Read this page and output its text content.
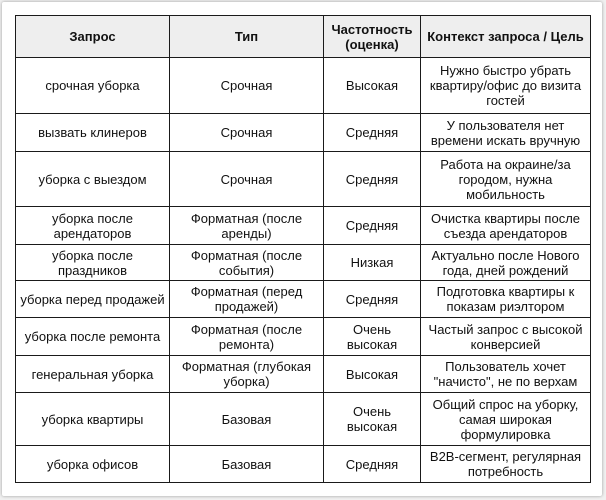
Запрос	Тип	Частотность (оценка)	Контекст запроса / Цель
срочная уборка	Срочная	Высокая	Нужно быстро убрать квартиру/офис до визита гостей
вызвать клинеров	Срочная	Средняя	У пользователя нет времени искать вручную
уборка с выездом	Срочная	Средняя	Работа на окраине/за городом, нужна мобильность
уборка после арендаторов	Форматная (после аренды)	Средняя	Очистка квартиры после съезда арендаторов
уборка после праздников	Форматная (после события)	Низкая	Актуально после Нового года, дней рождений
уборка перед продажей	Форматная (перед продажей)	Средняя	Подготовка квартиры к показам риэлтором
уборка после ремонта	Форматная (после ремонта)	Очень высокая	Частый запрос с высокой конверсией
генеральная уборка	Форматная (глубокая уборка)	Высокая	Пользователь хочет "начисто", не по верхам
уборка квартиры	Базовая	Очень высокая	Общий спрос на уборку, самая широкая формулировка
уборка офисов	Базовая	Средняя	B2B-сегмент, регулярная потребность
